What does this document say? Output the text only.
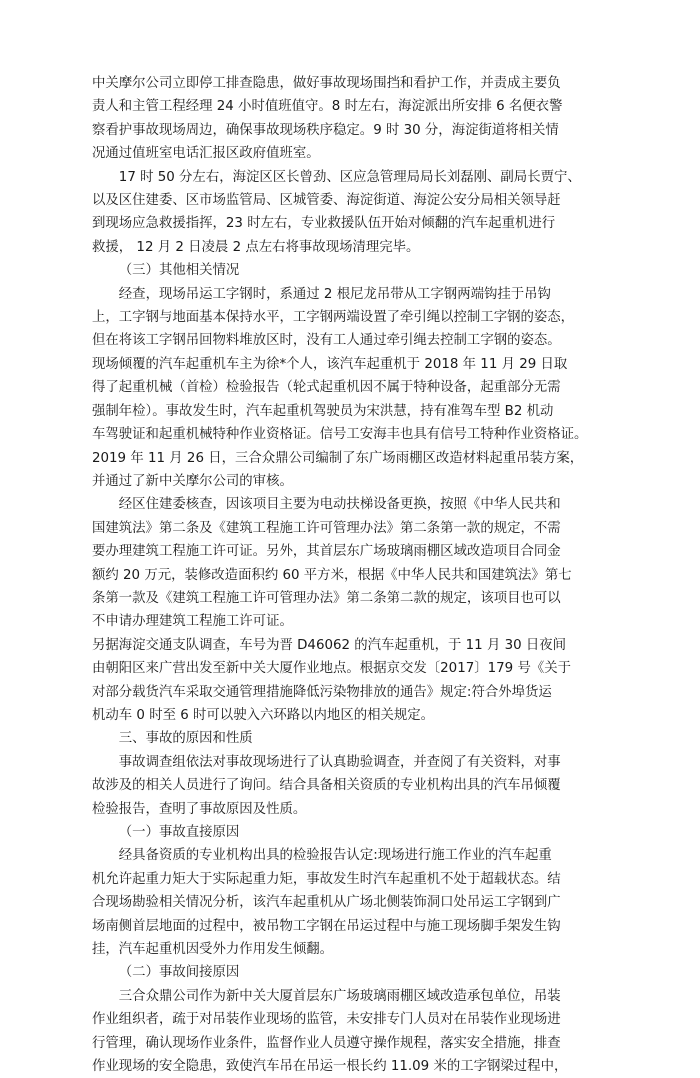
中关摩尔公司立即停工排查隐患，做好事故现场围挡和看护工作，并责成主要负
责人和主管工程经理 24 小时值班值守。8 时左右，海淀派出所安排 6 名便衣警
察看护事故现场周边，确保事故现场秩序稳定。9 时 30 分，海淀街道将相关情
况通过值班室电话汇报区政府值班室。
17 时 50 分左右，海淀区区长曾劲、区应急管理局局长刘磊刚、副局长贾宁、
以及区住建委、区市场监管局、区城管委、海淀街道、海淀公安分局相关领导赶
到现场应急救援指挥，23 时左右，专业救援队伍开始对倾翻的汽车起重机进行
救援， 12 月 2 日凌晨 2 点左右将事故现场清理完毕。
（三）其他相关情况
经查，现场吊运工字钢时，系通过 2 根尼龙吊带从工字钢两端钩挂于吊钩
上，工字钢与地面基本保持水平，工字钢两端设置了牵引绳以控制工字钢的姿态，
但在将该工字钢吊回物料堆放区时，没有工人通过牵引绳去控制工字钢的姿态。
现场倾覆的汽车起重机车主为徐*个人，该汽车起重机于 2018 年 11 月 29 日取
得了起重机械（首检）检验报告（轮式起重机因不属于特种设备，起重部分无需
强制年检）。事故发生时，汽车起重机驾驶员为宋洪慧，持有准驾车型 B2 机动
车驾驶证和起重机械特种作业资格证。信号工安海丰也具有信号工特种作业资格证。
2019 年 11 月 26 日，三合众鼎公司编制了东广场雨棚区改造材料起重吊装方案，
并通过了新中关摩尔公司的审核。
经区住建委核查，因该项目主要为电动扶梯设备更换，按照《中华人民共和
国建筑法》第二条及《建筑工程施工许可管理办法》第二条第一款的规定，不需
要办理建筑工程施工许可证。另外，其首层东广场玻璃雨棚区域改造项目合同金
额约 20 万元，装修改造面积约 60 平方米，根据《中华人民共和国建筑法》第七
条第一款及《建筑工程施工许可管理办法》第二条第二款的规定，该项目也可以
不申请办理建筑工程施工许可证。
另据海淀交通支队调查，车号为晋 D46062 的汽车起重机，于 11 月 30 日夜间
由朝阳区来广营出发至新中关大厦作业地点。根据京交发〔2017〕179 号《关于
对部分载货汽车采取交通管理措施降低污染物排放的通告》规定:符合外埠货运
机动车 0 时至 6 时可以驶入六环路以内地区的相关规定。
三、事故的原因和性质
事故调查组依法对事故现场进行了认真勘验调查，并查阅了有关资料，对事
故涉及的相关人员进行了询问。结合具备相关资质的专业机构出具的汽车吊倾覆
检验报告，查明了事故原因及性质。
（一）事故直接原因
经具备资质的专业机构出具的检验报告认定:现场进行施工作业的汽车起重
机允许起重力矩大于实际起重力矩，事故发生时汽车起重机不处于超载状态。结
合现场勘验相关情况分析，该汽车起重机从广场北侧装饰洞口处吊运工字钢到广
场南侧首层地面的过程中，被吊物工字钢在吊运过程中与施工现场脚手架发生钩
挂，汽车起重机因受外力作用发生倾翻。
（二）事故间接原因
三合众鼎公司作为新中关大厦首层东广场玻璃雨棚区域改造承包单位，吊装
作业组织者，疏于对吊装作业现场的监管，未安排专门人员对在吊装作业现场进
行管理，确认现场作业条件，监督作业人员遵守操作规程，落实安全措施，排查
作业现场的安全隐患，致使汽车吊在吊运一根长约 11.09 米的工字钢梁过程中，
